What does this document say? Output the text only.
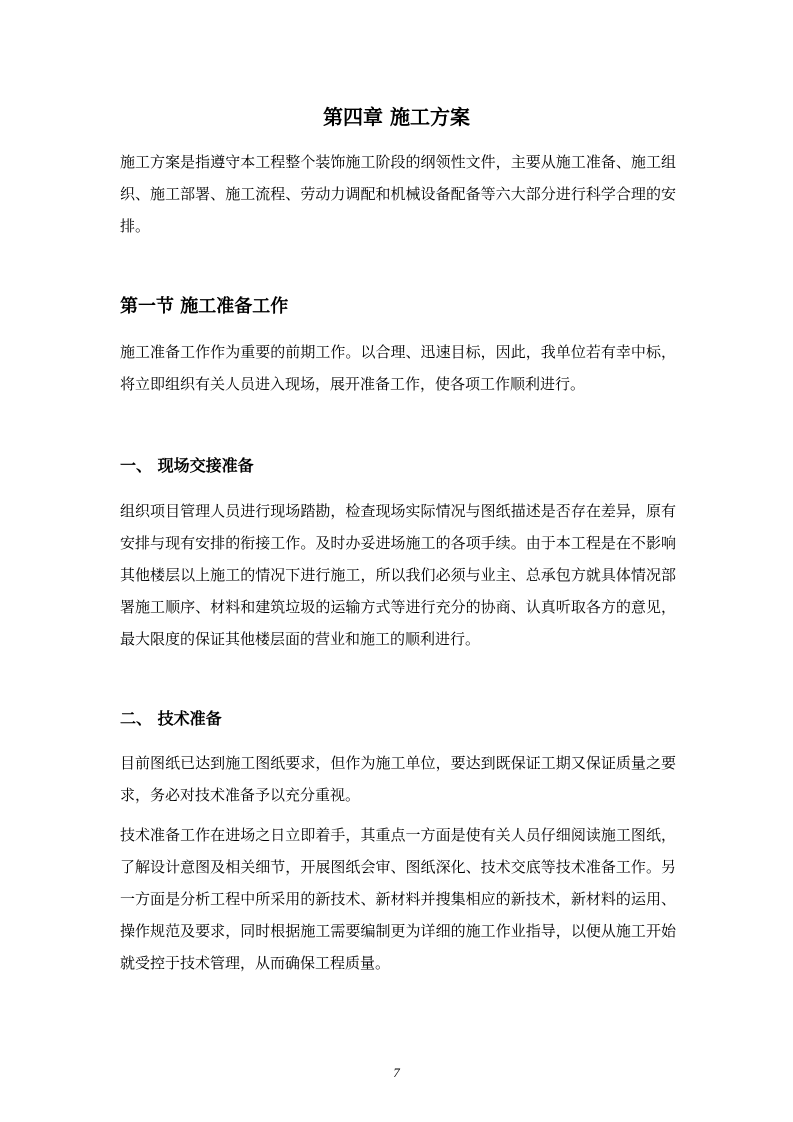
第四章 施工方案

施工方案是指遵守本工程整个装饰施工阶段的纲领性文件，主要从施工准备、施工组织、施工部署、施工流程、劳动力调配和机械设备配备等六大部分进行科学合理的安排。

第一节 施工准备工作

施工准备工作作为重要的前期工作。以合理、迅速目标，因此，我单位若有幸中标，将立即组织有关人员进入现场，展开准备工作，使各项工作顺利进行。

一、 现场交接准备

组织项目管理人员进行现场踏勘，检查现场实际情况与图纸描述是否存在差异，原有安排与现有安排的衔接工作。及时办妥进场施工的各项手续。由于本工程是在不影响其他楼层以上施工的情况下进行施工，所以我们必须与业主、总承包方就具体情况部署施工顺序、材料和建筑垃圾的运输方式等进行充分的协商、认真听取各方的意见，最大限度的保证其他楼层面的营业和施工的顺利进行。

二、 技术准备

目前图纸已达到施工图纸要求，但作为施工单位，要达到既保证工期又保证质量之要求，务必对技术准备予以充分重视。

技术准备工作在进场之日立即着手，其重点一方面是使有关人员仔细阅读施工图纸，了解设计意图及相关细节，开展图纸会审、图纸深化、技术交底等技术准备工作。另一方面是分析工程中所采用的新技术、新材料并搜集相应的新技术，新材料的运用、操作规范及要求，同时根据施工需要编制更为详细的施工作业指导，以便从施工开始就受控于技术管理，从而确保工程质量。

7
